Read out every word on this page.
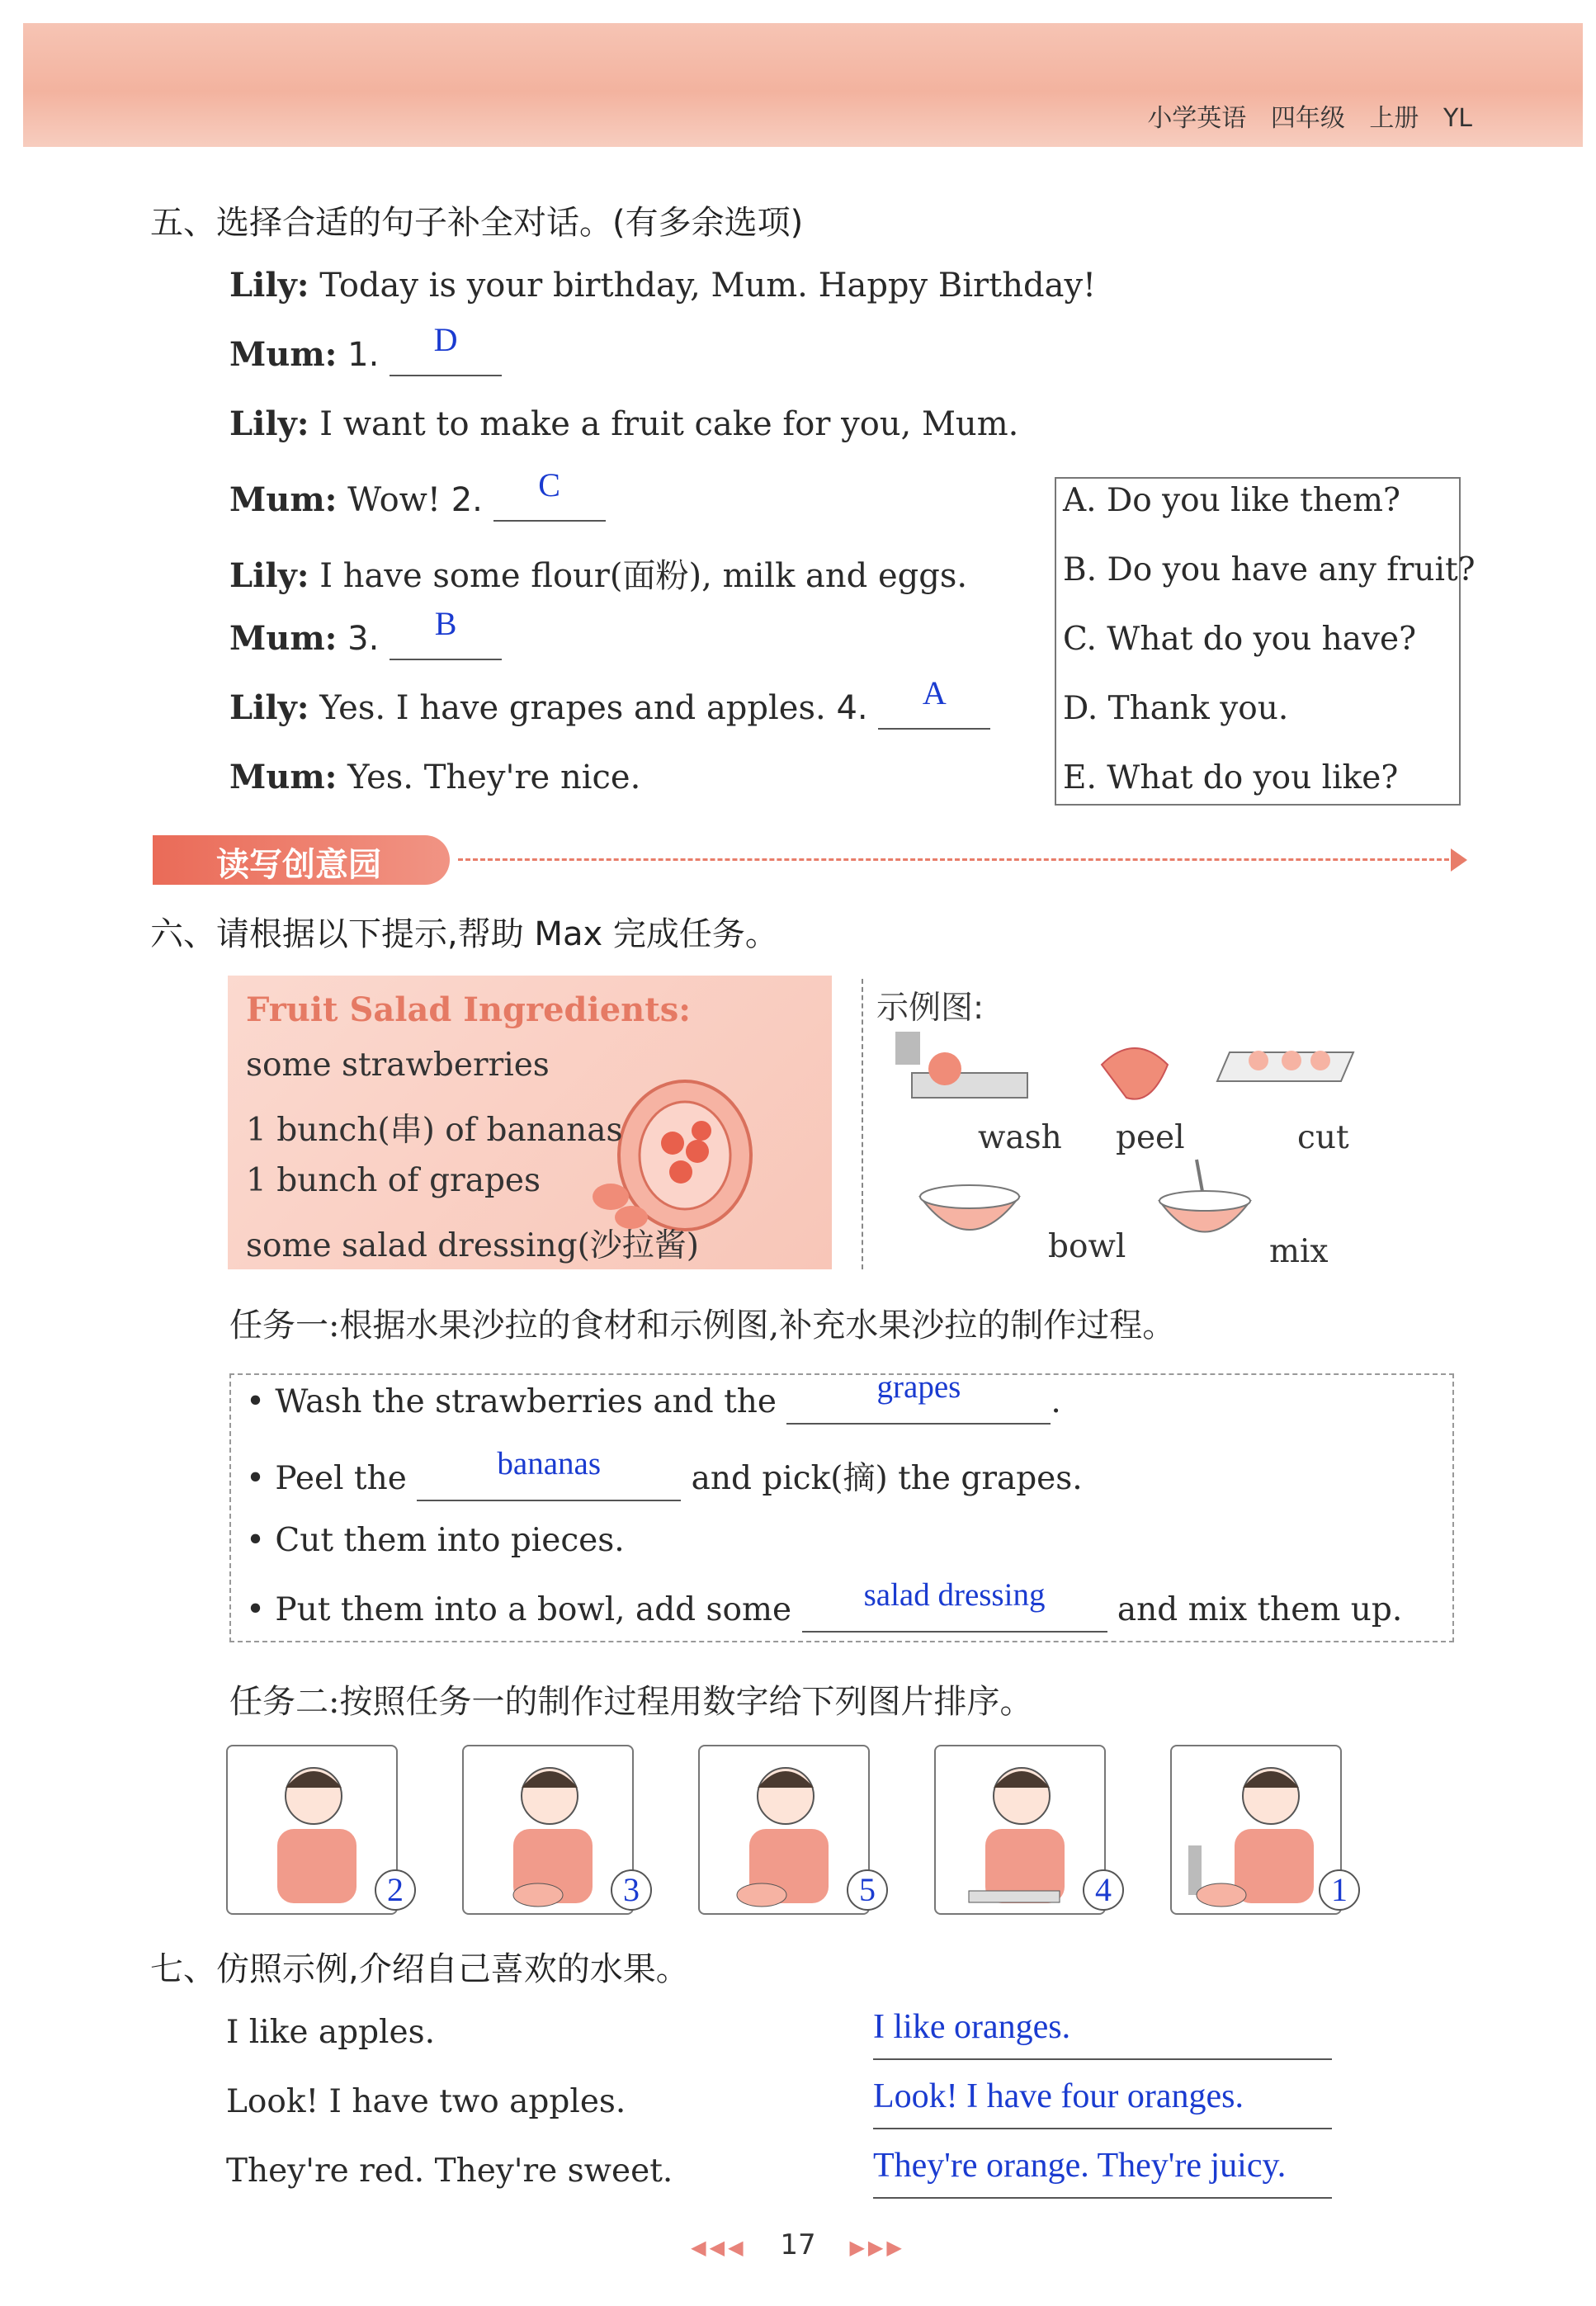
小学英语 四年级 上册 YL
五、选择合适的句子补全对话。(有多余选项)
Lily: Today is your birthday, Mum. Happy Birthday!
Mum: 1. D
Lily: I want to make a fruit cake for you, Mum.
Mum: Wow! 2. C
Lily: I have some flour(面粉), milk and eggs.
Mum: 3. B
Lily: Yes. I have grapes and apples. 4. A
Mum: Yes. They're nice.
A. Do you like them?
B. Do you have any fruit?
C. What do you have?
D. Thank you.
E. What do you like?
读写创意园
六、请根据以下提示,帮助 Max 完成任务。
Fruit Salad Ingredients:
some strawberries
1 bunch(串) of bananas
1 bunch of grapes
some salad dressing(沙拉酱)
示例图:
wash peel	cut
bowl	mix
任务一:根据水果沙拉的食材和示例图,补充水果沙拉的制作过程。
• Wash the strawberries and the	grapes	.
• Peel the	bananas	and pick(摘) the grapes.
• Cut them into pieces.
• Put them into a bowl, add some salad dressing and mix them up.
任务二:按照任务一的制作过程用数字给下列图片排序。
2	3	5	4	1
七、仿照示例,介绍自己喜欢的水果。
I like apples.
Look! I have two apples.
They're red. They're sweet.
I like oranges.
Look! I have four oranges.
They're orange. They're juicy.
◀◀◀ 17 ▶▶▶
